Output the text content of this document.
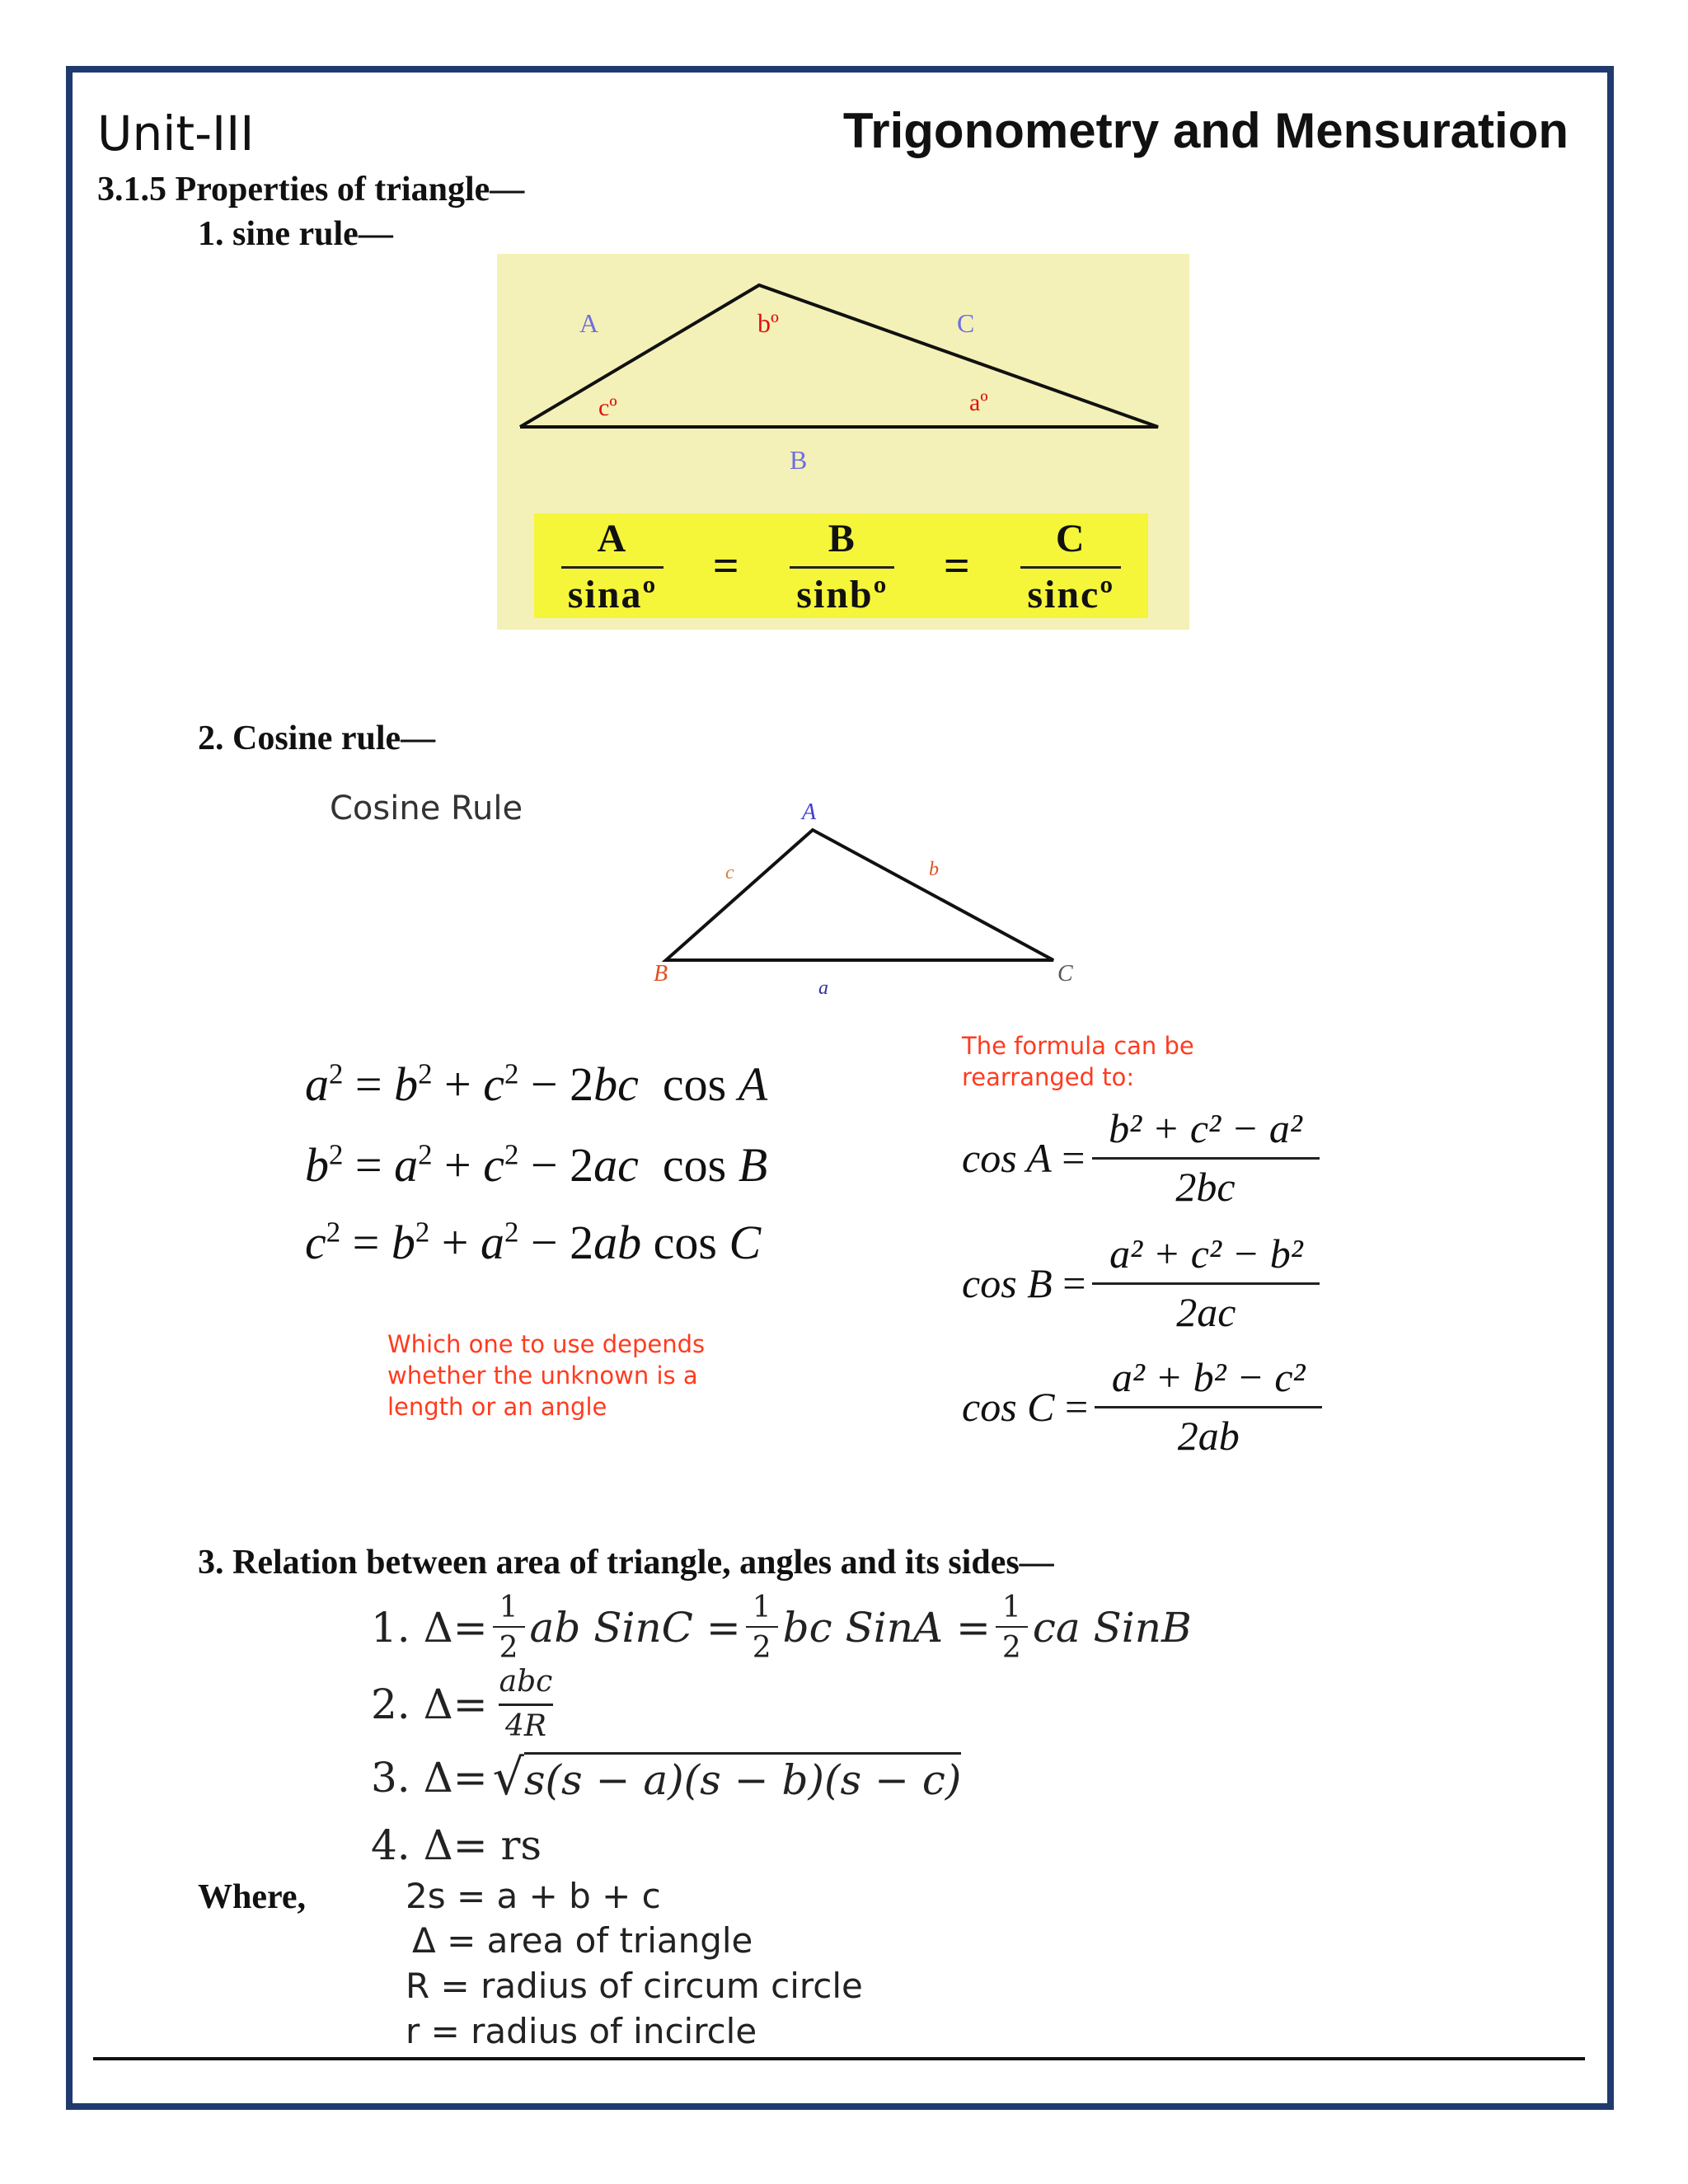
Unit-III	Trigonometry and Mensuration
3.1.5 Properties of triangle—
1. sine rule—
A	bº	C
cº	aº
B
$\frac{A}{\text{sinaº}} = \frac{B}{\text{sinbº}} = \frac{C}{\text{sincº}}$
2. Cosine rule—
Cosine Rule	A
B	C
c	b
a
The formula can be
rearranged to:
$a^2 = b^2 + c^2 - 2bc$  cos A
$b^2 = a^2 + c^2 - 2ac$  cos B
$c^2 = b^2 + a^2 - 2ab$ cos C
Which one to use depends
whether the unknown is a
length or an angle
$\cos A = \frac{\text{b² + c² − a²}}{2bc}$
$\cos B = \frac{\text{a² + c² − b²}}{2ac}$
$\cos C = \frac{\text{a² + b² − c²}}{2ab}$
3. Relation between area of triangle, angles and its sides—
1. $\Delta= \frac{1}{2}$ ab SinC = $\frac{1}{2}$ bc SinA = $\frac{1}{2}$ ca SinB
2. $\Delta= \frac{\text{abc}}{4R}$
3. Δ= √ s(s − a)(s − b)(s − c)
4. Δ= rs
Where,	2s = a + b + c
Δ = area of triangle
R = radius of circum circle
r = radius of incircle
